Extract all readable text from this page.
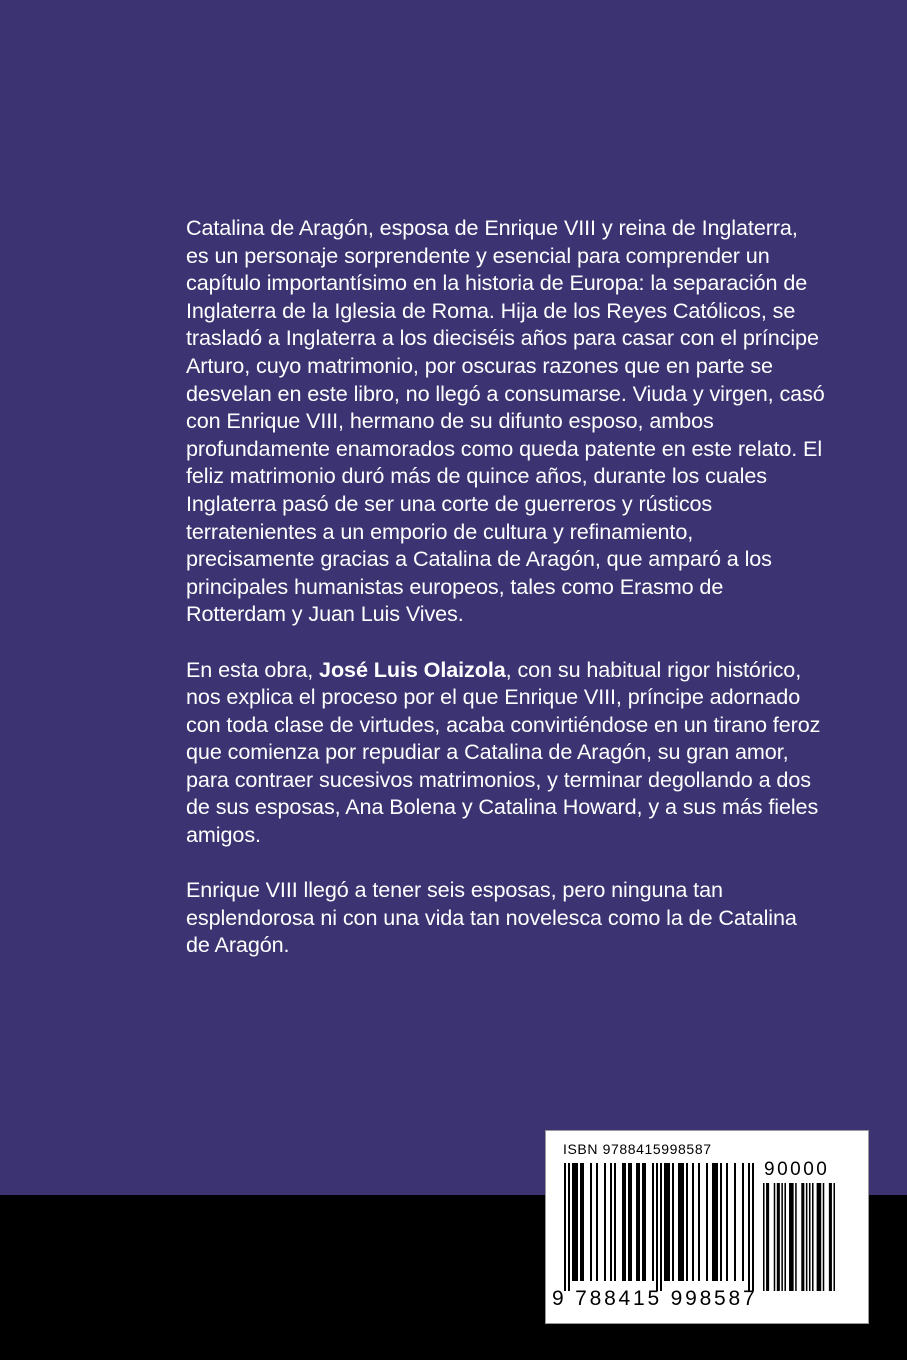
Catalina de Aragón, esposa de Enrique VIII y reina de Inglaterra, es un personaje sorprendente y esencial para comprender un capítulo importantísimo en la historia de Europa: la separación de Inglaterra de la Iglesia de Roma. Hija de los Reyes Católicos, se trasladó a Inglaterra a los dieciséis años para casar con el príncipe Arturo, cuyo matrimonio, por oscuras razones que en parte se desvelan en este libro, no llegó a consumarse. Viuda y virgen, casó con Enrique VIII, hermano de su difunto esposo, ambos profundamente enamorados como queda patente en este relato. El feliz matrimonio duró más de quince años, durante los cuales Inglaterra pasó de ser una corte de guerreros y rústicos terratenientes a un emporio de cultura y refinamiento, precisamente gracias a Catalina de Aragón, que amparó a los principales humanistas europeos, tales como Erasmo de Rotterdam y Juan Luis Vives.

En esta obra, José Luis Olaizola, con su habitual rigor histórico, nos explica el proceso por el que Enrique VIII, príncipe adornado con toda clase de virtudes, acaba convirtiéndose en un tirano feroz que comienza por repudiar a Catalina de Aragón, su gran amor, para contraer sucesivos matrimonios, y terminar degollando a dos de sus esposas, Ana Bolena y Catalina Howard, y a sus más fieles amigos.

Enrique VIII llegó a tener seis esposas, pero ninguna tan esplendorosa ni con una vida tan novelesca como la de Catalina de Aragón.

ISBN 9788415998587
90000
9 788415 998587
